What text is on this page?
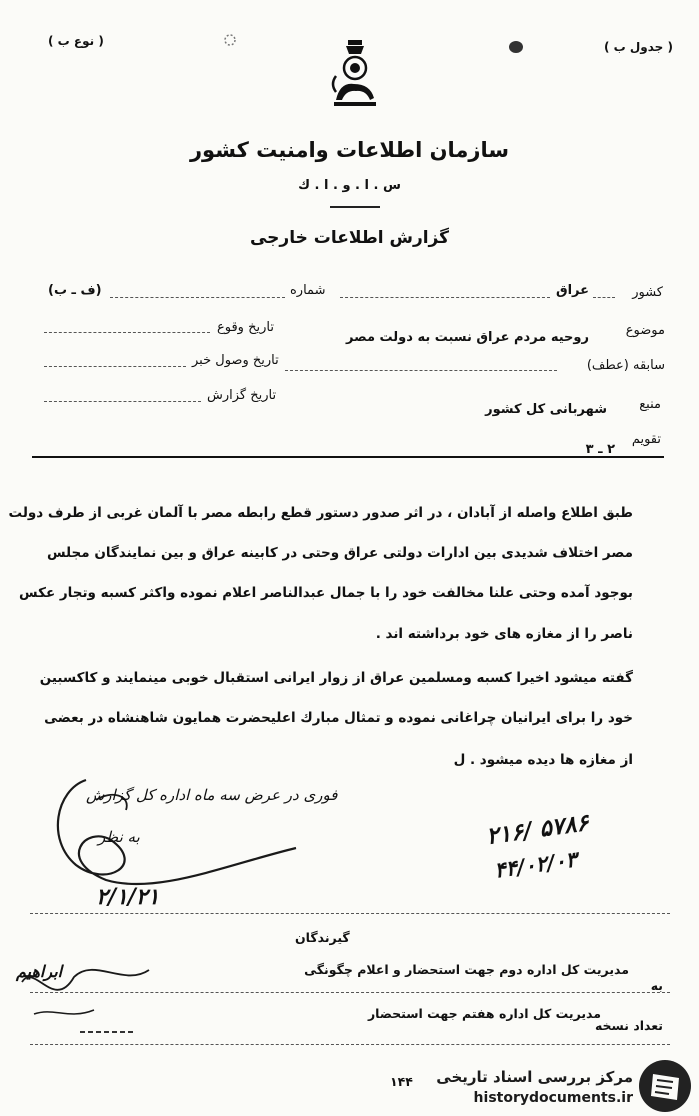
( نوع ب )	( جدول ب )
سازمان اطلاعات وامنیت کشور
س . ا . و . ا . ك
گزارش اطلاعات خارجی
کشور
عراق
شماره
(ف ـ ب)
موضوع
روحیه مردم عراق نسبت به دولت مصر
تاریخ وقوع
سابقه (عطف)
تاریخ وصول خبر
تاریخ گزارش
منبع
شهربانی کل کشور
تقویم
۲ ـ ۳
طبق اطلاع واصله از آبادان ، در اثر صدور دستور قطع رابطه مصر با آلمان غربی از طرف دولت
مصر اختلاف شدیدی بین ادارات دولتی عراق وحتی در کابینه عراق و بین نمایندگان مجلس
بوجود آمده وحتی علنا مخالفت خود را با جمال عبدالناصر اعلام نموده واکثر کسبه وتجار عکس
ناصر را از مغازه های خود برداشته اند .
گفته میشود اخیرا کسبه ومسلمین عراق از زوار ایرانی استقبال خوبی مینمایند و کاکسبین
خود را برای ایرانیان چراغانی نموده و تمثال مبارك اعلیحضرت همایون شاهنشاه در بعضی
از مغازه ها دیده میشود . ل
فوری در عرض سه ماه اداره کل گزارش
به نظر
۲/۱/۲۱
۲۱۶/ ۵۷۸۶
۴۴/۰۲/۰۳
گیرندگان
ابراهیم	مدیریت کل اداره دوم جهت استحضار و اعلام چگونگی
به
تعداد نسخه
مدیریت کل اداره هفتم جهت استحضار
۱۴۴ مرکز بررسی اسناد تاریخی
historydocuments.ir
